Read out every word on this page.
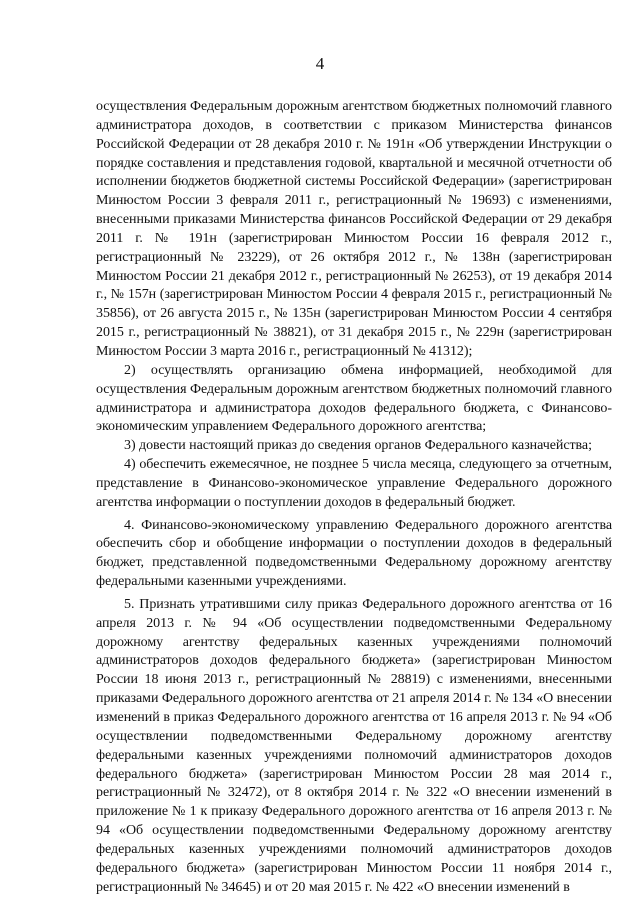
4

осуществления Федеральным дорожным агентством бюджетных полномочий главного администратора доходов, в соответствии с приказом Министерства финансов Российской Федерации от 28 декабря 2010 г. № 191н «Об утверждении Инструкции о порядке составления и представления годовой, квартальной и месячной отчетности об исполнении бюджетов бюджетной системы Российской Федерации» (зарегистрирован Минюстом России 3 февраля 2011 г., регистрационный № 19693) с изменениями, внесенными приказами Министерства финансов Российской Федерации от 29 декабря 2011 г. № 191н (зарегистрирован Минюстом России 16 февраля 2012 г., регистрационный № 23229), от 26 октября 2012 г., № 138н (зарегистрирован Минюстом России 21 декабря 2012 г., регистрационный № 26253), от 19 декабря 2014 г., № 157н (зарегистрирован Минюстом России 4 февраля 2015 г., регистрационный № 35856), от 26 августа 2015 г., № 135н (зарегистрирован Минюстом России 4 сентября 2015 г., регистрационный № 38821), от 31 декабря 2015 г., № 229н (зарегистрирован Минюстом России 3 марта 2016 г., регистрационный № 41312);

2) осуществлять организацию обмена информацией, необходимой для осуществления Федеральным дорожным агентством бюджетных полномочий главного администратора и администратора доходов федерального бюджета, с Финансово-экономическим управлением Федерального дорожного агентства;

3) довести настоящий приказ до сведения органов Федерального казначейства;

4) обеспечить ежемесячное, не позднее 5 числа месяца, следующего за отчетным, представление в Финансово-экономическое управление Федерального дорожного агентства информации о поступлении доходов в федеральный бюджет.

4. Финансово-экономическому управлению Федерального дорожного агентства обеспечить сбор и обобщение информации о поступлении доходов в федеральный бюджет, представленной подведомственными Федеральному дорожному агентству федеральными казенными учреждениями.

5. Признать утратившими силу приказ Федерального дорожного агентства от 16 апреля 2013 г. № 94 «Об осуществлении подведомственными Федеральному дорожному агентству федеральных казенных учреждениями полномочий администраторов доходов федерального бюджета» (зарегистрирован Минюстом России 18 июня 2013 г., регистрационный № 28819) с изменениями, внесенными приказами Федерального дорожного агентства от 21 апреля 2014 г. № 134 «О внесении изменений в приказ Федерального дорожного агентства от 16 апреля 2013 г. № 94 «Об осуществлении подведомственными Федеральному дорожному агентству федеральными казенных учреждениями полномочий администраторов доходов федерального бюджета» (зарегистрирован Минюстом России 28 мая 2014 г., регистрационный № 32472), от 8 октября 2014 г. № 322 «О внесении изменений в приложение № 1 к приказу Федерального дорожного агентства от 16 апреля 2013 г. № 94 «Об осуществлении подведомственными Федеральному дорожному агентству федеральных казенных учреждениями полномочий администраторов доходов федерального бюджета» (зарегистрирован Минюстом России 11 ноября 2014 г., регистрационный № 34645) и от 20 мая 2015 г. № 422 «О внесении изменений в
